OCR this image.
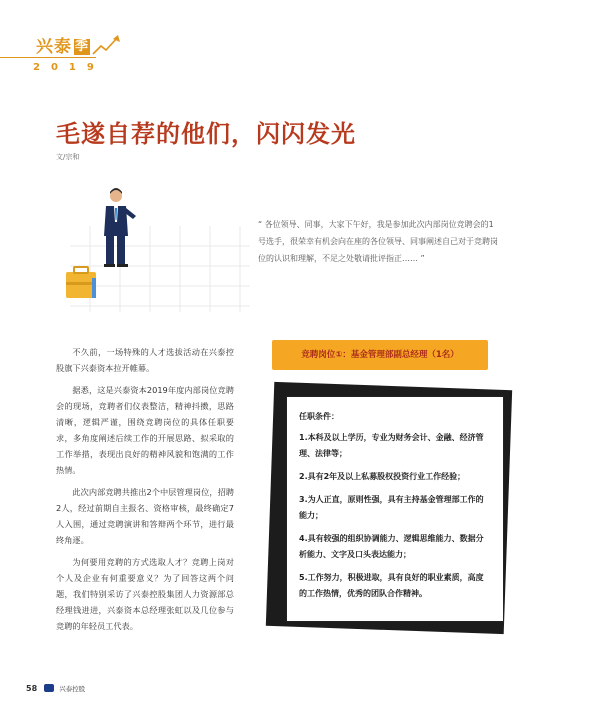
兴泰 季
2019
毛遂自荐的他们，闪闪发光
文/宗和
“ 各位领导、同事，大家下午好，我是参加此次内部岗位竞聘会的1号选手，很荣幸有机会向在座的各位领导、同事阐述自己对于竞聘岗位的认识和理解，不足之处敬请批评指正…… ”

不久前，一场特殊的人才选拔活动在兴泰控股旗下兴泰资本拉开帷幕。

据悉，这是兴泰资本2019年度内部岗位竞聘会的现场，竞聘者们仪表整洁，精神抖擞，思路清晰，逻辑严谨，围绕竞聘岗位的具体任职要求，多角度阐述后续工作的开展思路、拟采取的工作举措，表现出良好的精神风貌和饱满的工作热情。

此次内部竞聘共推出2个中层管理岗位，招聘2人，经过前期自主报名、资格审核，最终确定7人入围，通过竞聘演讲和答辩两个环节，进行最终角逐。

为何要用竞聘的方式选取人才？竞聘上岗对个人及企业有何重要意义？为了回答这两个问题，我们特别采访了兴泰控股集团人力资源部总经理钱进进，兴泰资本总经理张虹以及几位参与竞聘的年轻员工代表。

竞聘岗位①：基金管理部副总经理（1名）
任职条件：
1.本科及以上学历，专业为财务会计、金融、经济管理、法律等；
2.具有2年及以上私募股权投资行业工作经验；
3.为人正直，原则性强，具有主持基金管理部工作的能力；
4.具有较强的组织协调能力、逻辑思维能力、数据分析能力、文字及口头表达能力；
5.工作努力，积极进取，具有良好的职业素质，高度的工作热情，优秀的团队合作精神。
58	兴泰控股
